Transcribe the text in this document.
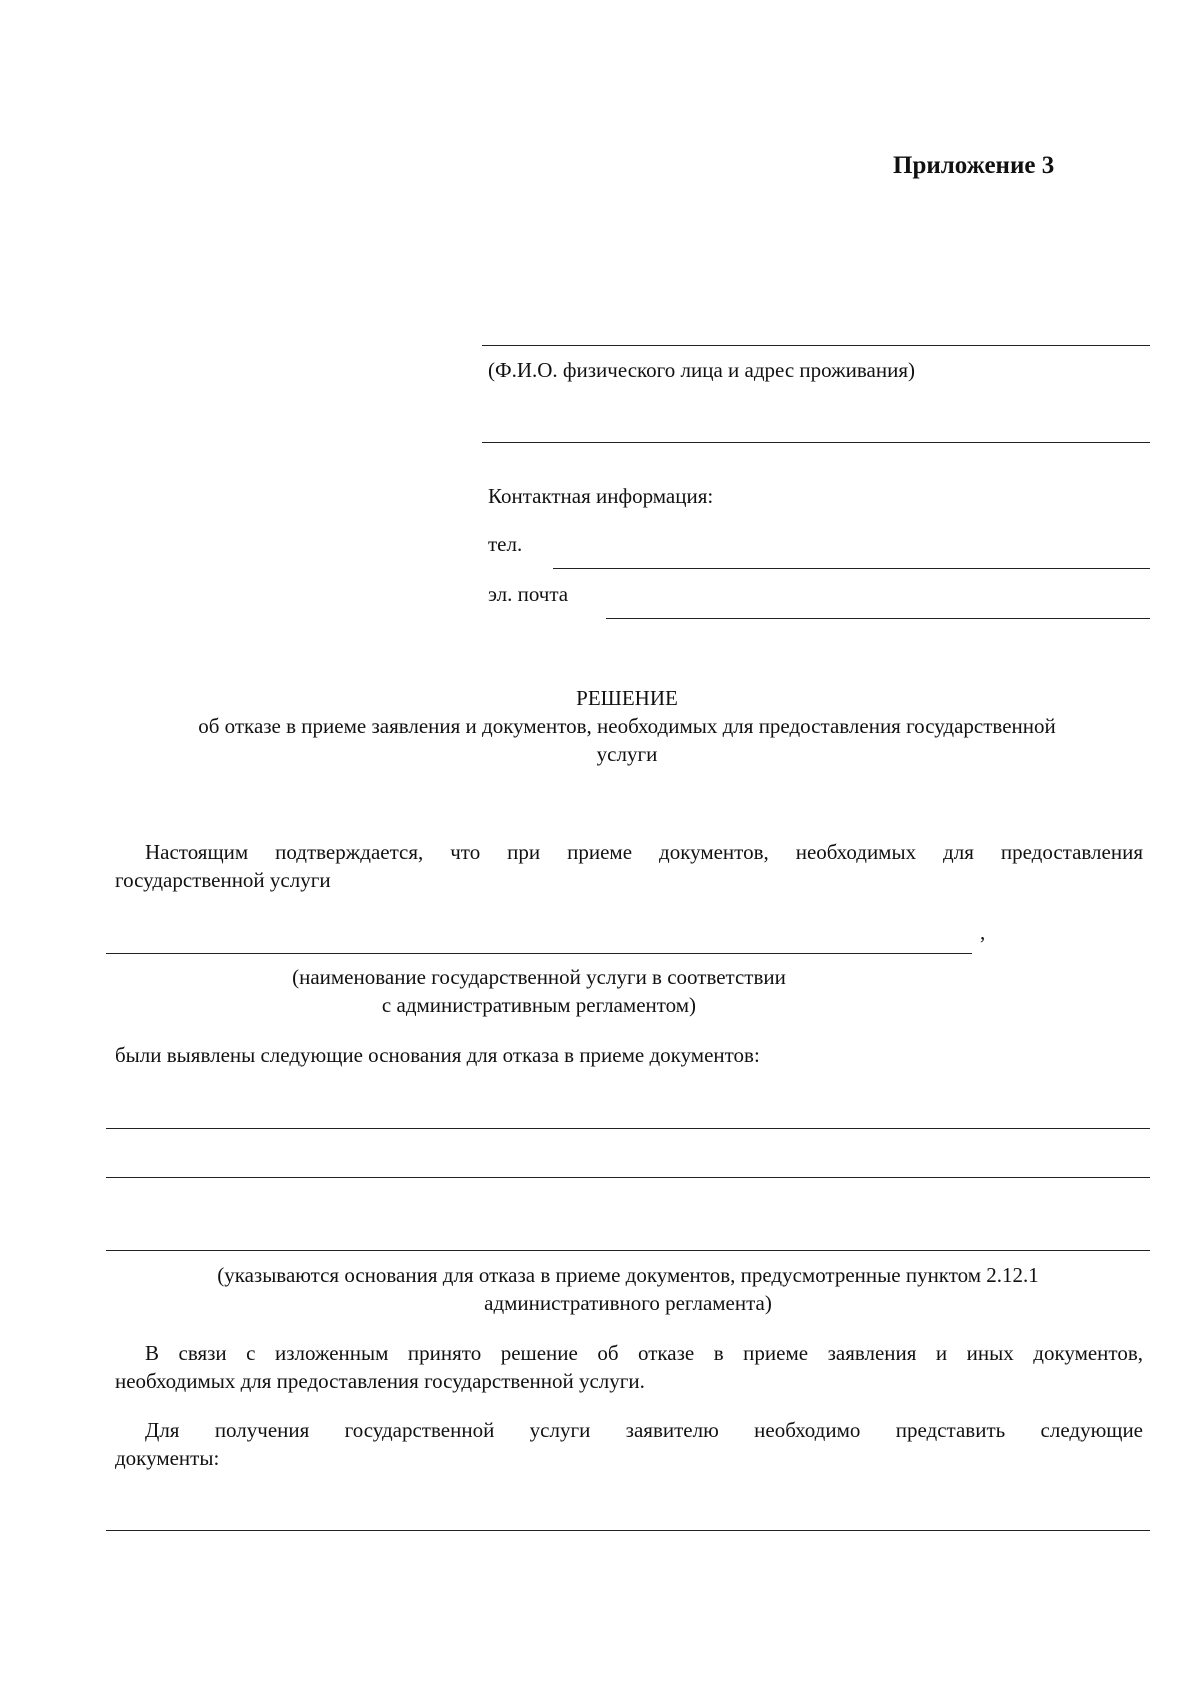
Приложение 3
(Ф.И.О. физического лица и адрес проживания)
Контактная информация:
тел.
эл. почта
РЕШЕНИЕ
об отказе в приеме заявления и документов, необходимых для предоставления государственной
услуги
Настоящим подтверждается, что при приеме документов, необходимых для предоставления
государственной услуги
,
(наименование государственной услуги в соответствии
с административным регламентом)
были выявлены следующие основания для отказа в приеме документов:
(указываются основания для отказа в приеме документов, предусмотренные пунктом 2.12.1
административного регламента)
В связи с изложенным принято решение об отказе в приеме заявления и иных документов,
необходимых для предоставления государственной услуги.
Для получения государственной услуги заявителю необходимо представить следующие
документы:
